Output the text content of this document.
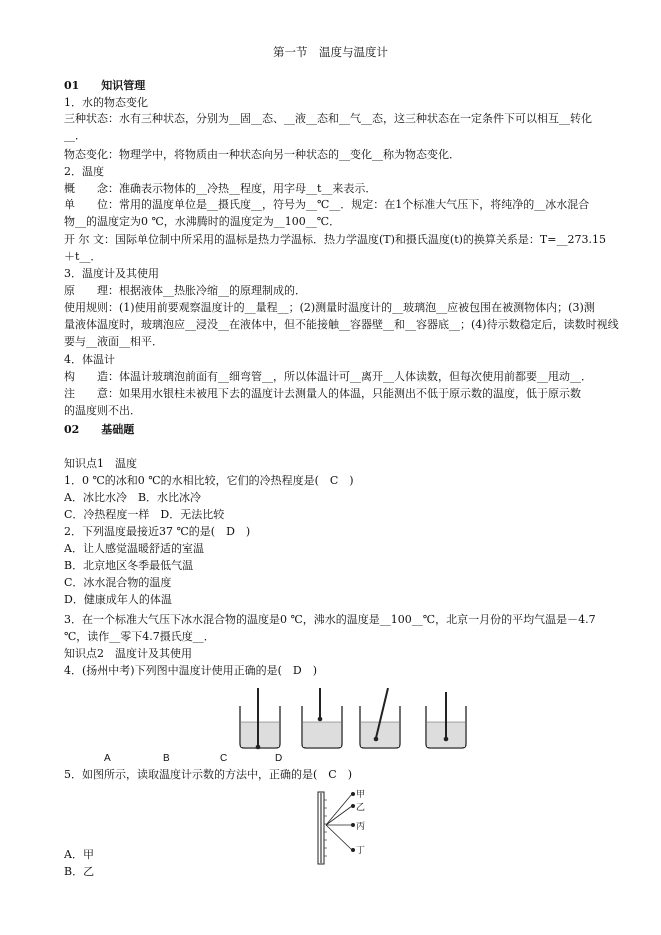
第一节　温度与温度计
01　　知识管理
1．水的物态变化
三种状态：水有三种状态，分别为__固__态、__液__态和__气__态，这三种状态在一定条件下可以相互__转化
__．
物态变化：物理学中，将物质由一种状态向另一种状态的__变化__称为物态变化．
2．温度
概　　念：准确表示物体的__冷热__程度，用字母__t__来表示．
单　　位：常用的温度单位是__摄氏度__，符号为__℃__．规定：在1个标准大气压下，将纯净的__冰水混合
物__的温度定为0 ℃，水沸腾时的温度定为__100__℃．
开 尔 文：国际单位制中所采用的温标是热力学温标．热力学温度(T)和摄氏温度(t)的换算关系是：T=__273.15
＋t__．
3．温度计及其使用
原　　理：根据液体__热胀冷缩__的原理制成的．
使用规则：(1)使用前要观察温度计的__量程__；(2)测量时温度计的__玻璃泡__应被包围在被测物体内；(3)测
量液体温度时，玻璃泡应__浸没__在液体中，但不能接触__容器壁__和__容器底__；(4)待示数稳定后，读数时视线
要与__液面__相平．
4．体温计
构　　造：体温计玻璃泡前面有__细弯管__，所以体温计可__离开__人体读数，但每次使用前都要__甩动__．
注　　意：如果用水银柱未被甩下去的温度计去测量人的体温，只能测出不低于原示数的温度，低于原示数
的温度则不出．
02　　基础题
知识点1　温度
1．0 ℃的冰和0 ℃的水相比较，它们的冷热程度是(　C　)
A．冰比水冷　B．水比冰冷
C．冷热程度一样　D．无法比较
2．下列温度最接近37 ℃的是(　D　)
A．让人感觉温暖舒适的室温
B．北京地区冬季最低气温
C．冰水混合物的温度
D．健康成年人的体温
3．在一个标准大气压下冰水混合物的温度是0 ℃，沸水的温度是__100__℃，北京一月份的平均气温是－4.7
℃，读作__零下4.7摄氏度__．
知识点2　温度计及其使用
4．(扬州中考)下列图中温度计使用正确的是(　D　)
5．如图所示，读取温度计示数的方法中，正确的是(　C　)
A．甲
B．乙
A	B	C	D
甲
乙
丙
丁
